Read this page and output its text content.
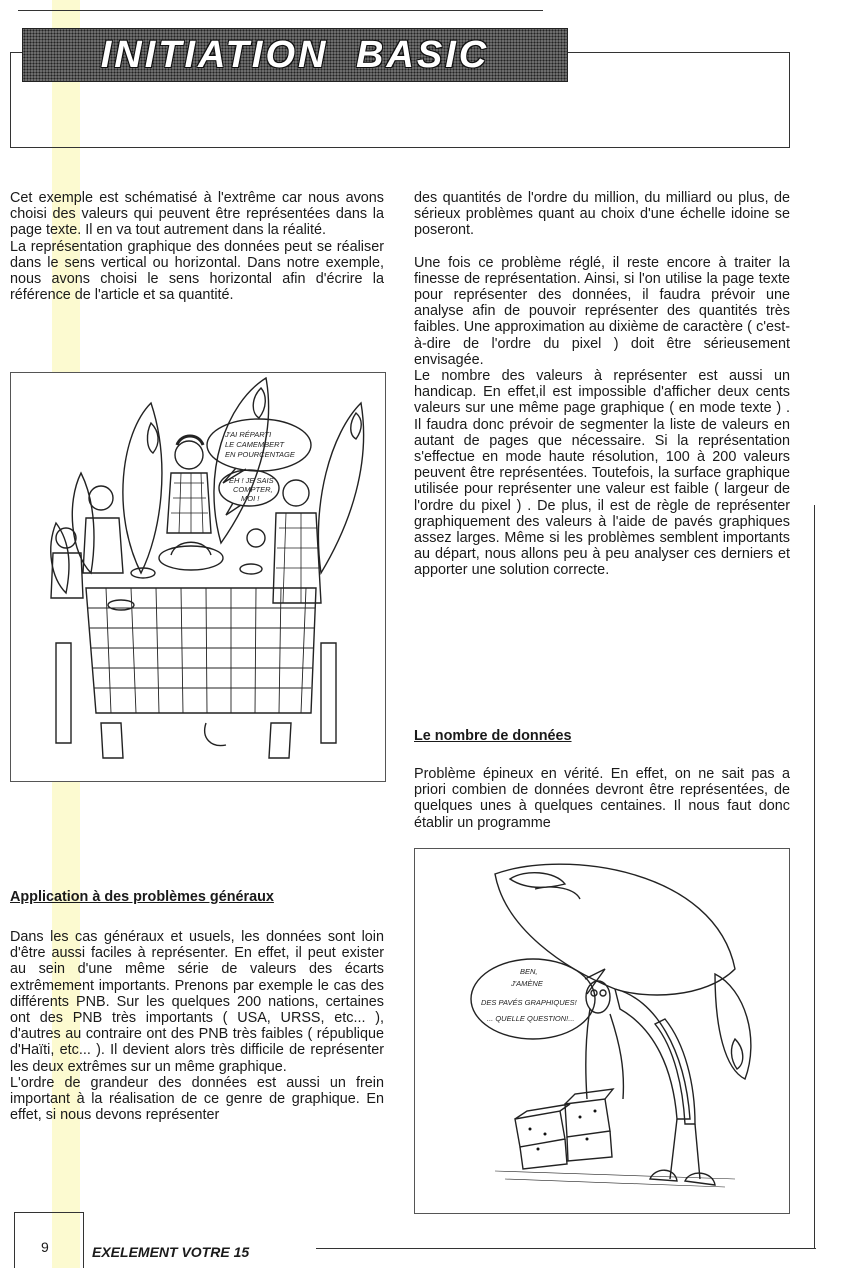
INITIATION BASIC

Cet exemple est schématisé à l'extrême car nous avons choisi des valeurs qui peuvent être représentées dans la page texte. Il en va tout autrement dans la réalité.

La représentation graphique des données peut se réaliser dans le sens vertical ou horizontal. Dans notre exemple, nous avons choisi le sens horizontal afin d'écrire la référence de l'article et sa quantité.

J'AI RÉPARTI
LE CAMEMBERT
EN POURCENTAGE
EH ! JE SAIS
COMPTER,
MOI !
Application à des problèmes généraux

Dans les cas généraux et usuels, les données sont loin d'être aussi faciles à représenter. En effet, il peut exister au sein d'une même série de valeurs des écarts extrêmement importants. Prenons par exemple le cas des différents PNB. Sur les quelques 200 nations, certaines ont des PNB très importants ( USA, URSS, etc... ), d'autres au contraire ont des PNB très faibles ( république d'Haïti, etc... ). Il devient alors très difficile de représenter les deux extrêmes sur un même graphique.

L'ordre de grandeur des données est aussi un frein important à la réalisation de ce genre de graphique. En effet, si nous devons représenter

des quantités de l'ordre du million, du milliard ou plus, de sérieux problèmes quant au choix d'une échelle idoine se poseront.

Une fois ce problème réglé, il reste encore à traiter la finesse de représentation. Ainsi, si l'on utilise la page texte pour représenter des données, il faudra prévoir une analyse afin de pouvoir représenter des quantités très faibles. Une approximation au dixième de caractère ( c'est-à-dire de l'ordre du pixel ) doit être sérieusement envisagée.

Le nombre des valeurs à représenter est aussi un handicap. En effet,il est impossible d'afficher deux cents valeurs sur une même page graphique ( en mode texte ) . Il faudra donc prévoir de segmenter la liste de valeurs en autant de pages que nécessaire. Si la représentation s'effectue en mode haute résolution, 100 à 200 valeurs peuvent être représentées. Toutefois, la surface graphique utilisée pour représenter une valeur est faible ( largeur de l'ordre du pixel ) . De plus, il est de règle de représenter graphiquement des valeurs à l'aide de pavés graphiques assez larges. Même si les problèmes semblent importants au départ, nous allons peu à peu analyser ces derniers et apporter une solution correcte.

Le nombre de données

Problème épineux en vérité. En effet, on ne sait pas a priori combien de données devront être représentées, de quelques unes à quelques centaines. Il nous faut donc établir un programme

BEN,
J'AMÈNE
DES PAVÉS GRAPHIQUES!
... QUELLE QUESTION!...
9	EXELEMENT VOTRE 15
